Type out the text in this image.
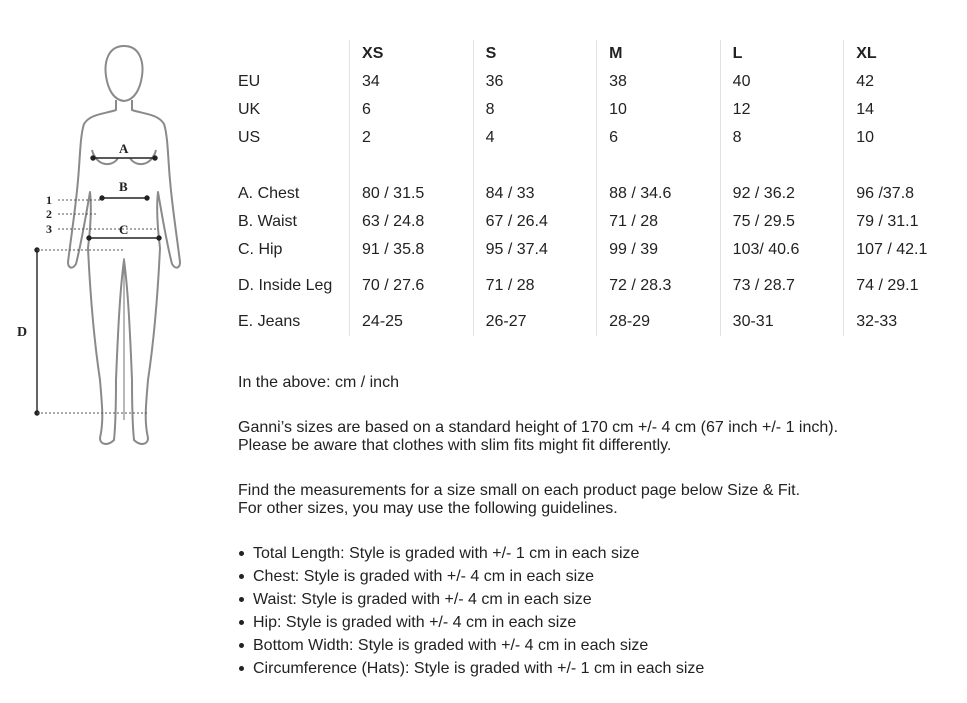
A
B
C
D
1
2
3
	XS	S	M	L	XL
EU	34	36	38	40	42
UK	6	8	10	12	14
US	2	4	6	8	10

A. Chest	80 / 31.5	84 / 33	88 / 34.6	92 / 36.2	96 /37.8
B. Waist	63 / 24.8	67 / 26.4	71 / 28	75 / 29.5	79 / 31.1
C. Hip	91 / 35.8	95 / 37.4	99 / 39	103/ 40.6	107 / 42.1
D. Inside Leg	70 / 27.6	71 / 28	72 / 28.3	73 / 28.7	74 / 29.1
E. Jeans	24-25	26-27	28-29	30-31	32-33

In the above: cm / inch

Ganni’s sizes are based on a standard height of 170 cm +/- 4 cm (67 inch +/- 1 inch).
Please be aware that clothes with slim fits might fit differently.
Find the measurements for a size small on each product page below Size & Fit.
For other sizes, you may use the following guidelines.
Total Length: Style is graded with +/- 1 cm in each size
Chest: Style is graded with +/- 4 cm in each size
Waist: Style is graded with +/- 4 cm in each size
Hip: Style is graded with +/- 4 cm in each size
Bottom Width: Style is graded with +/- 4 cm in each size
Circumference (Hats): Style is graded with +/- 1 cm in each size
